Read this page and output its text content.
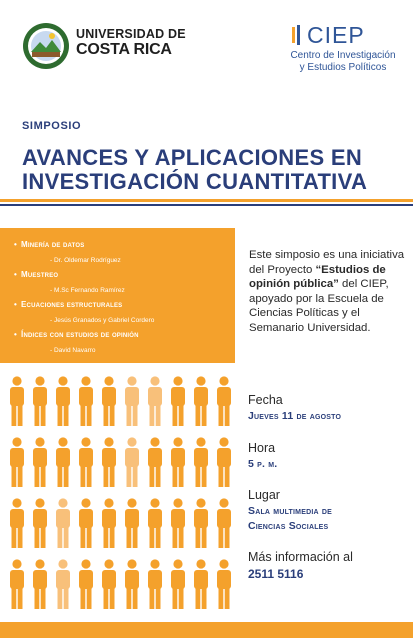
UNIVERSIDAD DE
COSTA RICA
CIEP
Centro de Investigación
y Estudios Políticos
SIMPOSIO
AVANCES Y APLICACIONES EN INVESTIGACIÓN CUANTITATIVA
• Minería de datos
- Dr. Oldemar Rodríguez
• Muestreo
- M.Sc Fernando Ramírez
• Ecuaciones estructurales
- Jesús Granados y Gabriel Cordero
• Índices con estudios de opinión
- David Navarro
Este simposio es una iniciativa del Proyecto “Estudios de opinión pública” del CIEP, apoyado por la Escuela de Ciencias Políticas y el Semanario Universidad.
Fecha
Jueves 11 de agosto
Hora
5 p. m.
Lugar
Sala multimedia de
Ciencias Sociales
Más información al
2511 5116
